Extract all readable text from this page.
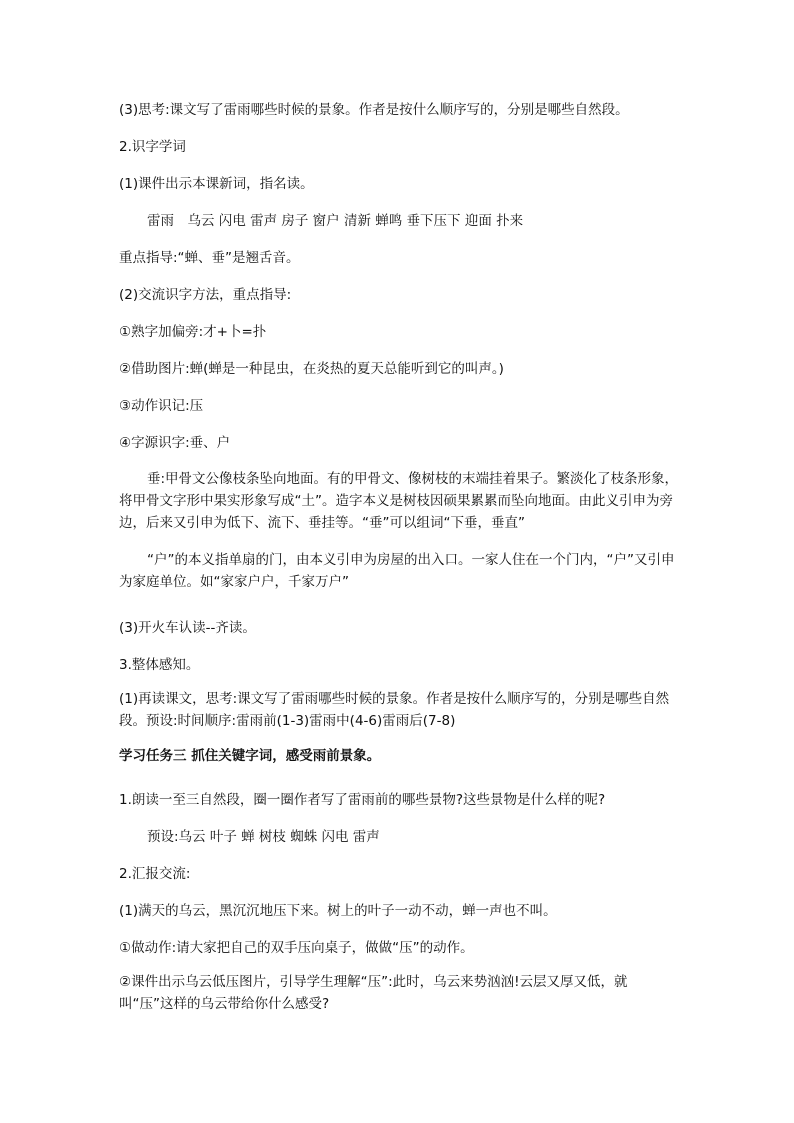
(3)思考:课文写了雷雨哪些时候的景象。作者是按什么顺序写的，分别是哪些自然段。
2.识字学词
(1)课件出示本课新词，指名读。
雷雨　乌云 闪电 雷声 房子 窗户 清新 蝉鸣 垂下压下 迎面 扑来
重点指导:“蝉、垂”是翘舌音。
(2)交流识字方法，重点指导:
①熟字加偏旁:才+卜=扑
②借助图片:蝉(蝉是一种昆虫，在炎热的夏天总能听到它的叫声。)
③动作识记:压
④字源识字:垂、户
垂:甲骨文公像枝条坠向地面。有的甲骨文、像树枝的末端挂着果子。繁淡化了枝条形象，将甲骨文字形中果实形象写成“土”。造字本义是树枝因硕果累累而坠向地面。由此义引申为旁边，后来又引申为低下、流下、垂挂等。“垂”可以组词“下垂，垂直”
“户”的本义指单扇的门，由本义引申为房屋的出入口。一家人住在一个门内，“户”又引申为家庭单位。如“家家户户，千家万户”
(3)开火车认读--齐读。
3.整体感知。
(1)再读课文，思考:课文写了雷雨哪些时候的景象。作者是按什么顺序写的，分别是哪些自然段。预设:时间顺序:雷雨前(1-3)雷雨中(4-6)雷雨后(7-8)
学习任务三 抓住关键字词，感受雨前景象。
1.朗读一至三自然段，圈一圈作者写了雷雨前的哪些景物?这些景物是什么样的呢?
预设:乌云 叶子 蝉 树枝 蜘蛛 闪电 雷声
2.汇报交流:
(1)满天的乌云，黑沉沉地压下来。树上的叶子一动不动，蝉一声也不叫。
①做动作:请大家把自己的双手压向桌子，做做“压”的动作。
②课件出示乌云低压图片，引导学生理解“压”:此时，乌云来势汹汹!云层又厚又低，就叫“压”这样的乌云带给你什么感受?
